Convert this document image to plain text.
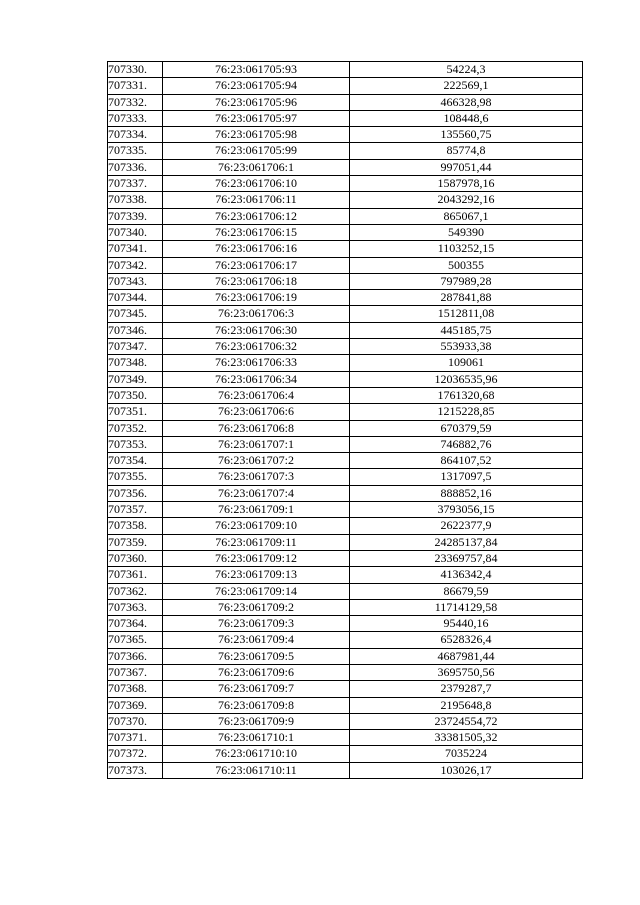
707330.	76:23:061705:93	54224,3
707331.	76:23:061705:94	222569,1
707332.	76:23:061705:96	466328,98
707333.	76:23:061705:97	108448,6
707334.	76:23:061705:98	135560,75
707335.	76:23:061705:99	85774,8
707336.	76:23:061706:1	997051,44
707337.	76:23:061706:10	1587978,16
707338.	76:23:061706:11	2043292,16
707339.	76:23:061706:12	865067,1
707340.	76:23:061706:15	549390
707341.	76:23:061706:16	1103252,15
707342.	76:23:061706:17	500355
707343.	76:23:061706:18	797989,28
707344.	76:23:061706:19	287841,88
707345.	76:23:061706:3	1512811,08
707346.	76:23:061706:30	445185,75
707347.	76:23:061706:32	553933,38
707348.	76:23:061706:33	109061
707349.	76:23:061706:34	12036535,96
707350.	76:23:061706:4	1761320,68
707351.	76:23:061706:6	1215228,85
707352.	76:23:061706:8	670379,59
707353.	76:23:061707:1	746882,76
707354.	76:23:061707:2	864107,52
707355.	76:23:061707:3	1317097,5
707356.	76:23:061707:4	888852,16
707357.	76:23:061709:1	3793056,15
707358.	76:23:061709:10	2622377,9
707359.	76:23:061709:11	24285137,84
707360.	76:23:061709:12	23369757,84
707361.	76:23:061709:13	4136342,4
707362.	76:23:061709:14	86679,59
707363.	76:23:061709:2	11714129,58
707364.	76:23:061709:3	95440,16
707365.	76:23:061709:4	6528326,4
707366.	76:23:061709:5	4687981,44
707367.	76:23:061709:6	3695750,56
707368.	76:23:061709:7	2379287,7
707369.	76:23:061709:8	2195648,8
707370.	76:23:061709:9	23724554,72
707371.	76:23:061710:1	33381505,32
707372.	76:23:061710:10	7035224
707373.	76:23:061710:11	103026,17
